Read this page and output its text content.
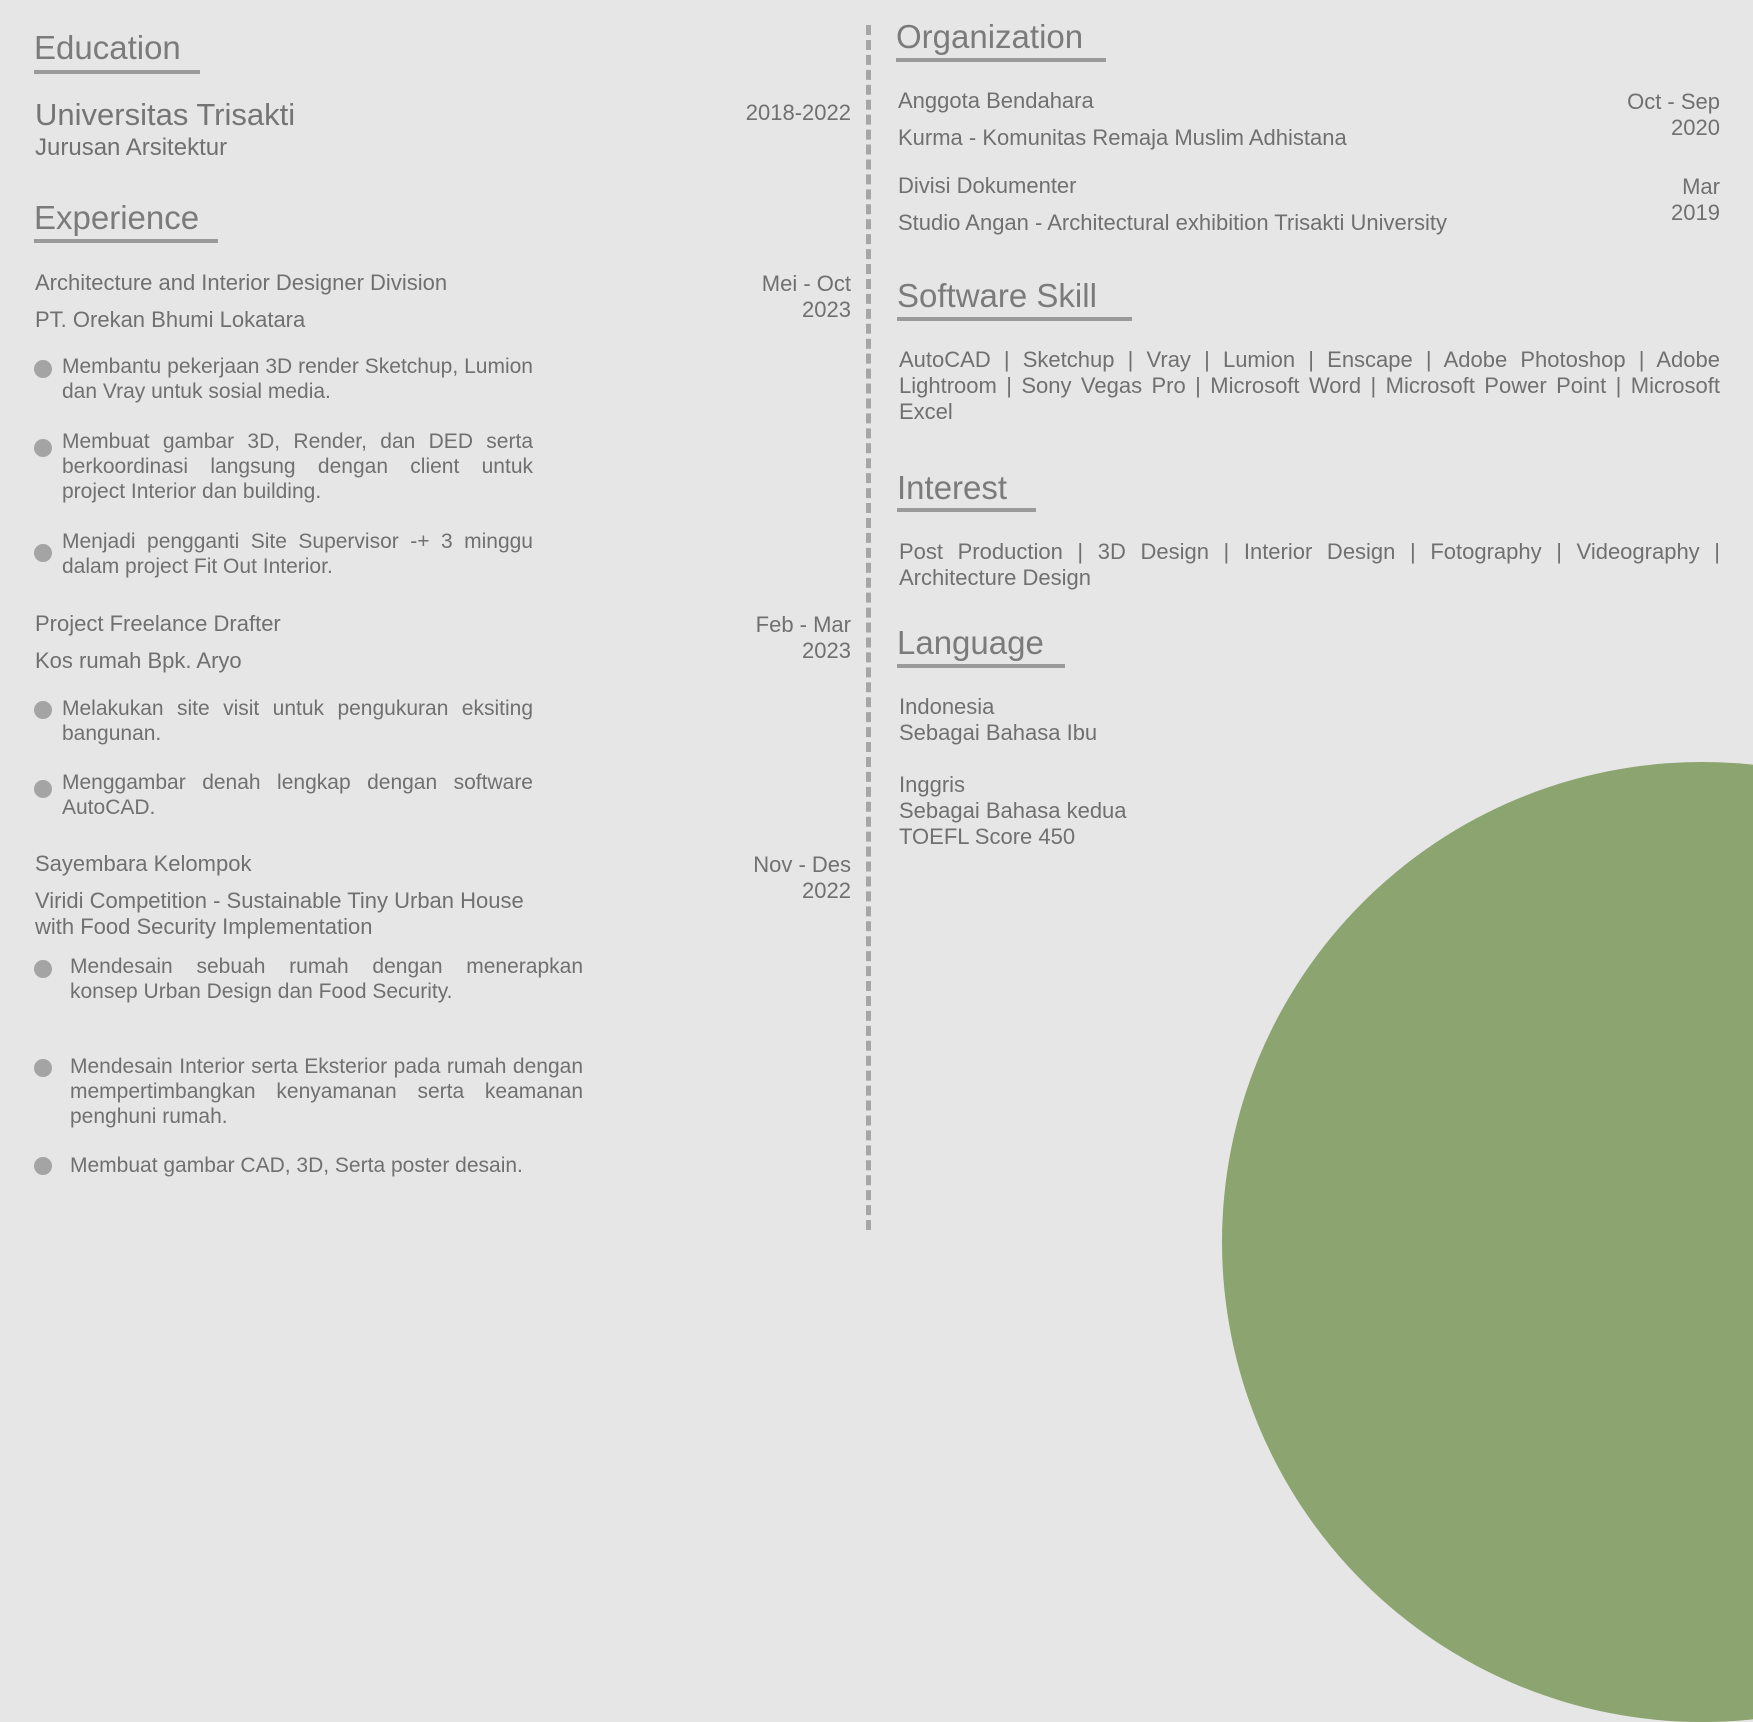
Education
Universitas Trisakti
Jurusan Arsitektur
2018-2022
Experience
Architecture and Interior Designer Division
PT. Orekan Bhumi Lokatara
Mei - Oct
2023
Membantu pekerjaan 3D render Sketchup, Lumion dan Vray untuk sosial media.
Membuat gambar 3D, Render, dan DED serta berkoordinasi langsung dengan client untuk project Interior dan building.
Menjadi pengganti Site Supervisor -+ 3 minggu dalam project Fit Out Interior.
Project Freelance Drafter
Kos rumah Bpk. Aryo
Feb - Mar
2023
Melakukan site visit untuk pengukuran eksiting bangunan.
Menggambar denah lengkap dengan software AutoCAD.
Sayembara Kelompok
Viridi Competition - Sustainable Tiny Urban House with Food Security Implementation
Nov - Des
2022
Mendesain sebuah rumah dengan menerapkan konsep Urban Design dan Food Security.
Mendesain Interior serta Eksterior pada rumah dengan mempertimbangkan kenyamanan serta keamanan penghuni rumah.
Membuat gambar CAD, 3D, Serta poster desain.
Organization
Anggota Bendahara
Kurma - Komunitas Remaja Muslim Adhistana
Oct - Sep
2020
Divisi Dokumenter
Studio Angan - Architectural exhibition Trisakti University
Mar
2019
Software Skill
AutoCAD | Sketchup | Vray | Lumion | Enscape | Adobe Photoshop | Adobe Lightroom | Sony Vegas Pro | Microsoft Word | Microsoft Power Point | Microsoft Excel
Interest
Post Production | 3D Design | Interior Design | Fotography | Videography | Architecture Design
Language
Indonesia
Sebagai Bahasa Ibu
Inggris
Sebagai Bahasa kedua
TOEFL Score 450
